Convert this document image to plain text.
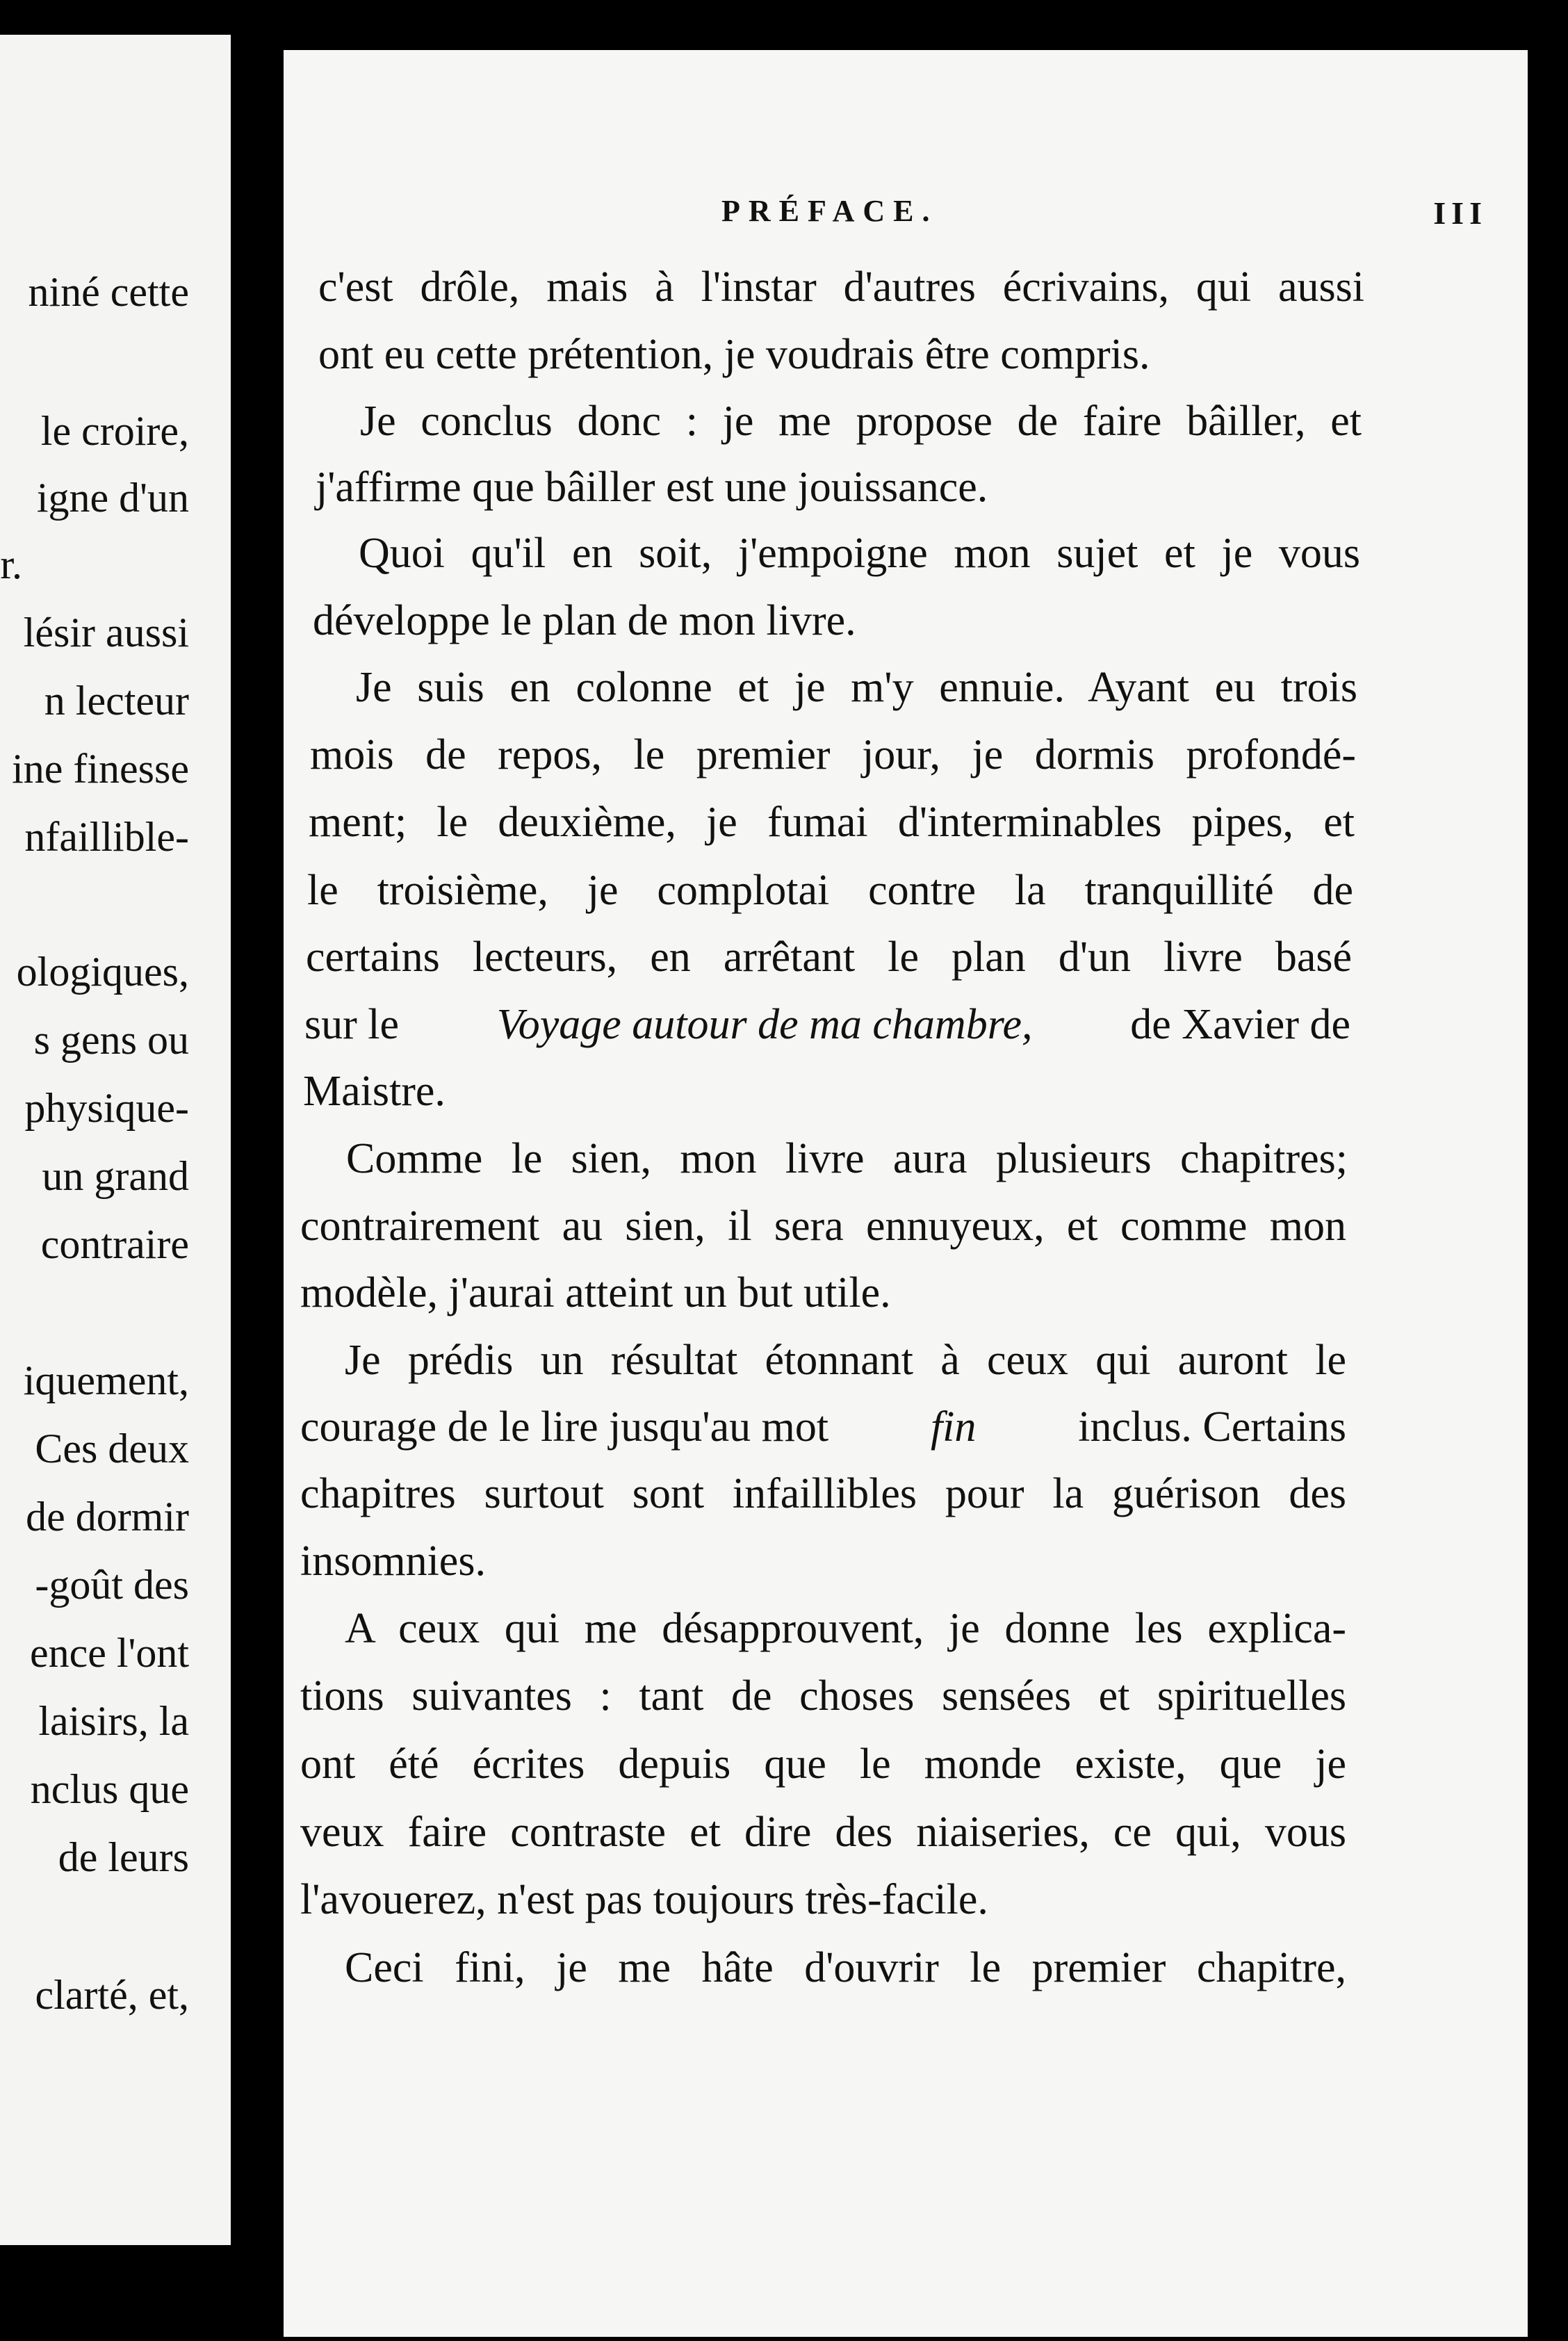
niné cette
le croire,
igne d'un
r.
lésir aussi
n lecteur
ine finesse
nfaillible-
ologiques,
s gens ou
physique-
un grand
contraire
iquement,
Ces deux
de dormir
-goût des
ence l'ont
laisirs, la
nclus que
de leurs
clarté, et,
PRÉFACE.	III
c'est drôle, mais à l'instar d'autres écrivains, qui aussi
ont eu cette prétention, je voudrais être compris.
Je conclus donc : je me propose de faire bâiller, et
j'affirme que bâiller est une jouissance.
Quoi qu'il en soit, j'empoigne mon sujet et je vous
développe le plan de mon livre.
Je suis en colonne et je m'y ennuie. Ayant eu trois
mois de repos, le premier jour, je dormis profondé-
ment; le deuxième, je fumai d'interminables pipes, et
le troisième, je complotai contre la tranquillité de
certains lecteurs, en arrêtant le plan d'un livre basé
sur le Voyage autour de ma chambre, de Xavier de
Maistre.
Comme le sien, mon livre aura plusieurs chapitres;
contrairement au sien, il sera ennuyeux, et comme mon
modèle, j'aurai atteint un but utile.
Je prédis un résultat étonnant à ceux qui auront le
courage de le lire jusqu'au mot fin inclus. Certains
chapitres surtout sont infaillibles pour la guérison des
insomnies.
A ceux qui me désapprouvent, je donne les explica-
tions suivantes : tant de choses sensées et spirituelles
ont été écrites depuis que le monde existe, que je
veux faire contraste et dire des niaiseries, ce qui, vous
l'avouerez, n'est pas toujours très-facile.
Ceci fini, je me hâte d'ouvrir le premier chapitre,
